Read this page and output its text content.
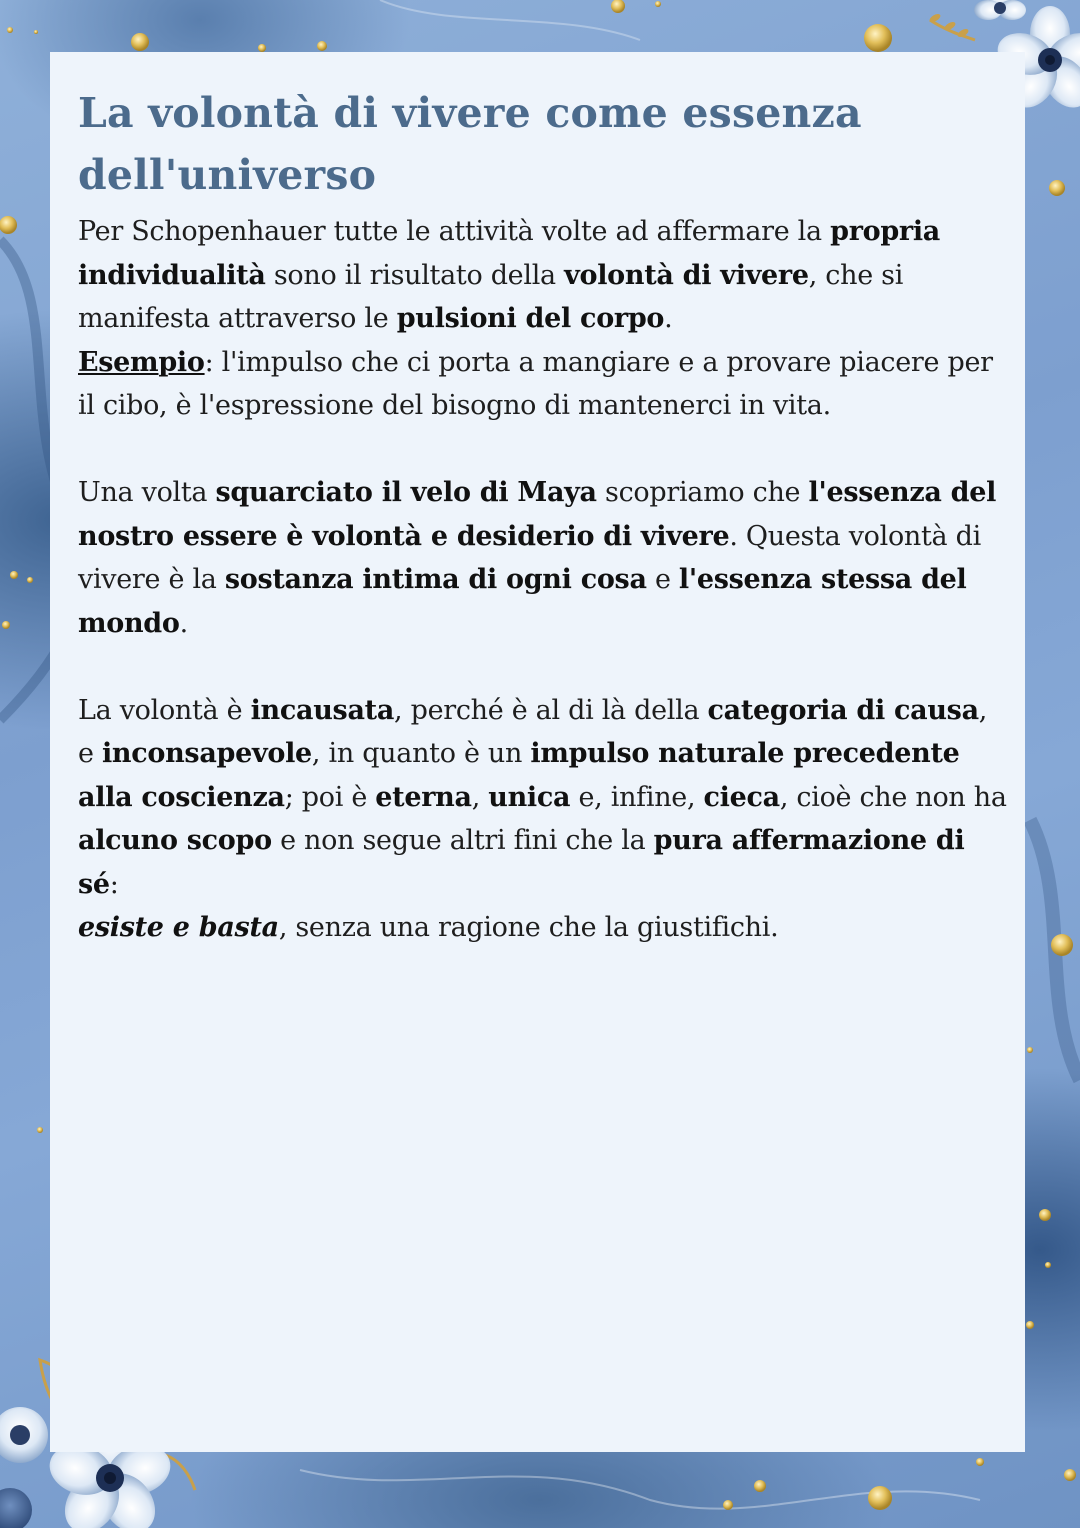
La volontà di vivere come essenza dell'universo

Per Schopenhauer tutte le attività volte ad affermare la propria individualità sono il risultato della volontà di vivere, che si manifesta attraverso le pulsioni del corpo.
Esempio: l'impulso che ci porta a mangiare e a provare piacere per il cibo, è l'espressione del bisogno di mantenerci in vita.

Una volta squarciato il velo di Maya scopriamo che l'essenza del nostro essere è volontà e desiderio di vivere. Questa volontà di vivere è la sostanza intima di ogni cosa e l'essenza stessa del mondo.

La volontà è incausata, perché è al di là della categoria di causa, e inconsapevole, in quanto è un impulso naturale precedente alla coscienza; poi è eterna, unica e, infine, cieca, cioè che non ha alcuno scopo e non segue altri fini che la pura affermazione di sé:
esiste e basta, senza una ragione che la giustifichi.
